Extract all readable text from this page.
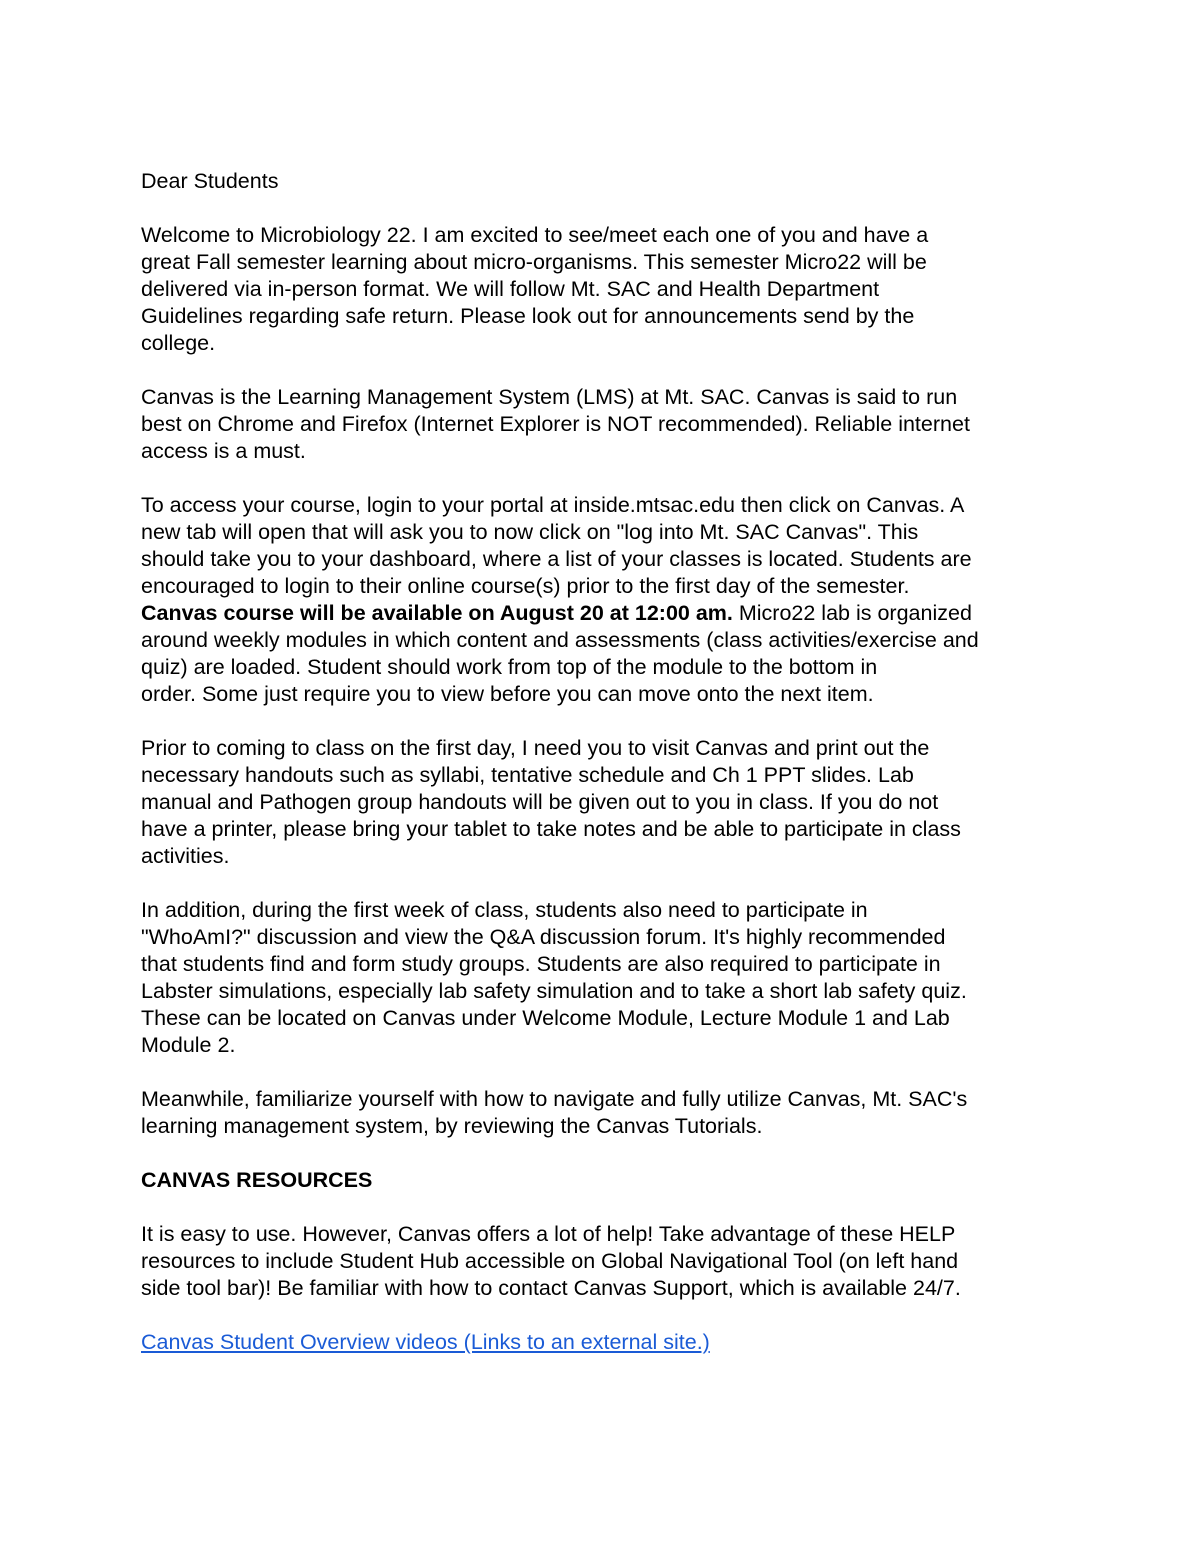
Dear Students

Welcome to Microbiology 22. I am excited to see/meet each one of you and have a
great Fall semester learning about micro-organisms. This semester Micro22 will be
delivered via in-person format. We will follow Mt. SAC and Health Department
Guidelines regarding safe return. Please look out for announcements send by the
college.

Canvas is the Learning Management System (LMS) at Mt. SAC. Canvas is said to run
best on Chrome and Firefox (Internet Explorer is NOT recommended). Reliable internet
access is a must.

To access your course, login to your portal at inside.mtsac.edu then click on Canvas. A
new tab will open that will ask you to now click on "log into Mt. SAC Canvas". This
should take you to your dashboard, where a list of your classes is located. Students are
encouraged to login to their online course(s) prior to the first day of the semester.
Canvas course will be available on August 20 at 12:00 am. Micro22 lab is organized
around weekly modules in which content and assessments (class activities/exercise and
quiz) are loaded. Student should work from top of the module to the bottom in
order. Some just require you to view before you can move onto the next item.

Prior to coming to class on the first day, I need you to visit Canvas and print out the
necessary handouts such as syllabi, tentative schedule and Ch 1 PPT slides. Lab
manual and Pathogen group handouts will be given out to you in class. If you do not
have a printer, please bring your tablet to take notes and be able to participate in class
activities.

In addition, during the first week of class, students also need to participate in
"WhoAmI?" discussion and view the Q&A discussion forum. It's highly recommended
that students find and form study groups. Students are also required to participate in
Labster simulations, especially lab safety simulation and to take a short lab safety quiz.
These can be located on Canvas under Welcome Module, Lecture Module 1 and Lab
Module 2.

Meanwhile, familiarize yourself with how to navigate and fully utilize Canvas, Mt. SAC's
learning management system, by reviewing the Canvas Tutorials.

CANVAS RESOURCES

It is easy to use. However, Canvas offers a lot of help! Take advantage of these HELP
resources to include Student Hub accessible on Global Navigational Tool (on left hand
side tool bar)! Be familiar with how to contact Canvas Support, which is available 24/7.

Canvas Student Overview videos (Links to an external site.)
